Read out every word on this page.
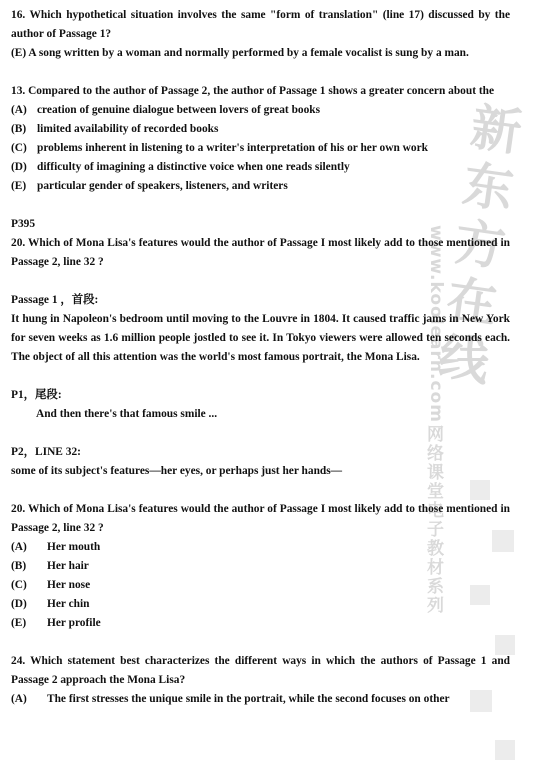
新东方在线
www.koolearn.com
网络课堂电子教材系列

16. Which hypothetical situation involves the same "form of translation" (line 17) discussed by the author of Passage 1?

(E) A song written by a woman and normally performed by a female vocalist is sung by a man.

13. Compared to the author of Passage 2, the author of Passage 1 shows a greater concern about the

(A) creation of genuine dialogue between lovers of great books
(B) limited availability of recorded books
(C) problems inherent in listening to a writer's interpretation of his or her own work
(D) difficulty of imagining a distinctive voice when one reads silently
(E) particular gender of speakers, listeners, and writers

P395

20. Which of Mona Lisa's features would the author of Passage I most likely add to those mentioned in Passage 2, line 32 ?

Passage 1 ，首段:

It hung in Napoleon's bedroom until moving to the Louvre in 1804. It caused traffic jams in New York for seven weeks as 1.6 million people jostled to see it. In Tokyo viewers were allowed ten seconds each. The object of all this attention was the world's most famous portrait, the Mona Lisa.

P1，尾段:

And then there's that famous smile ...

P2，LINE 32:

some of its subject's features—her eyes, or perhaps just her hands—

20. Which of Mona Lisa's features would the author of Passage I most likely add to those mentioned in Passage 2, line 32 ?

(A)	Her mouth
(B)	Her hair
(C)	Her nose
(D)	Her chin
(E)	Her profile

24. Which statement best characterizes the different ways in which the authors of Passage 1 and Passage 2 approach the Mona Lisa?

(A)	The first stresses the unique smile in the portrait, while the second focuses on other
